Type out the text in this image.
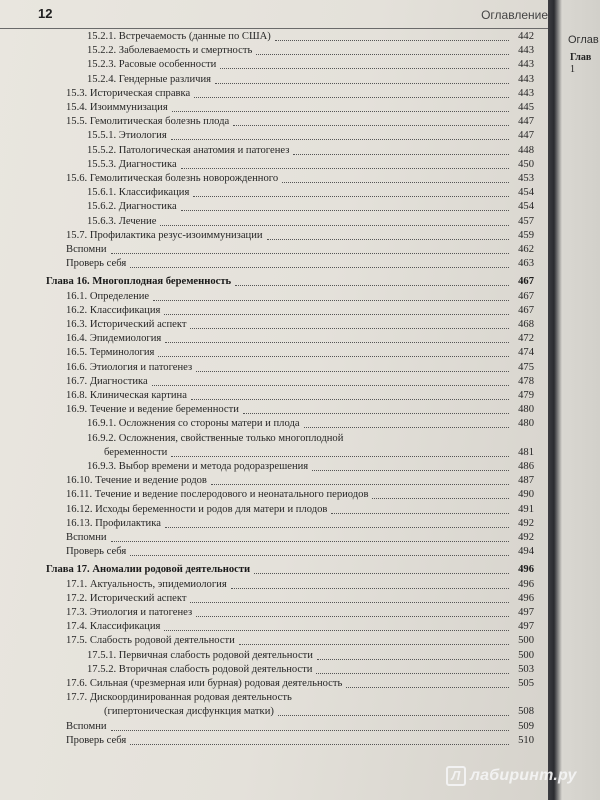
12	Оглавление
15.2.1. Встречаемость (данные по США)	442
15.2.2. Заболеваемость и смертность	443
15.2.3. Расовые особенности	443
15.2.4. Гендерные различия	443
15.3. Историческая справка	443
15.4. Изоиммунизация	445
15.5. Гемолитическая болезнь плода	447
15.5.1. Этиология	447
15.5.2. Патологическая анатомия и патогенез	448
15.5.3. Диагностика	450
15.6. Гемолитическая болезнь новорожденного	453
15.6.1. Классификация	454
15.6.2. Диагностика	454
15.6.3. Лечение	457
15.7. Профилактика резус-изоиммунизации	459
Вспомни	462
Проверь себя	463
Глава 16. Многоплодная беременность	467
16.1. Определение	467
16.2. Классификация	467
16.3. Исторический аспект	468
16.4. Эпидемиология	472
16.5. Терминология	474
16.6. Этиология и патогенез	475
16.7. Диагностика	478
16.8. Клиническая картина	479
16.9. Течение и ведение беременности	480
16.9.1. Осложнения со стороны матери и плода	480
16.9.2. Осложнения, свойственные только многоплодной
беременности	481
16.9.3. Выбор времени и метода родоразрешения	486
16.10. Течение и ведение родов	487
16.11. Течение и ведение послеродового и неонатального периодов	490
16.12. Исходы беременности и родов для матери и плодов	491
16.13. Профилактика	492
Вспомни	492
Проверь себя	494
Глава 17. Аномалии родовой деятельности	496
17.1. Актуальность, эпидемиология	496
17.2. Исторический аспект	496
17.3. Этиология и патогенез	497
17.4. Классификация	497
17.5. Слабость родовой деятельности	500
17.5.1. Первичная слабость родовой деятельности	500
17.5.2. Вторичная слабость родовой деятельности	503
17.6. Сильная (чрезмерная или бурная) родовая деятельность	505
17.7. Дискоординированная родовая деятельность
(гипертоническая дисфункция матки)	508
Вспомни	509
Проверь себя	510
Оглав
Глав
1
Л лабиринт.ру
